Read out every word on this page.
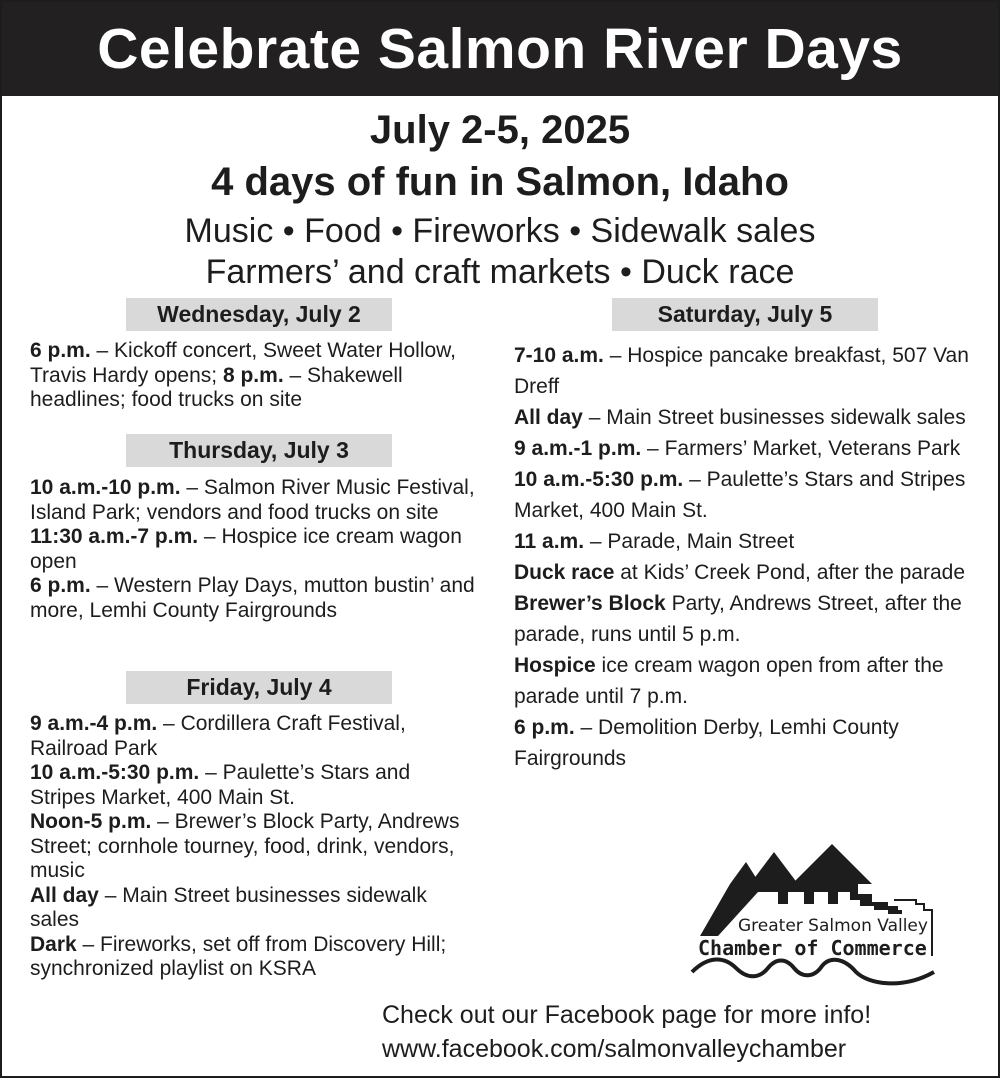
Celebrate Salmon River Days
July 2-5, 2025
4 days of fun in Salmon, Idaho
Music • Food • Fireworks • Sidewalk sales
Farmers’ and craft markets • Duck race
Wednesday, July 2

6 p.m. – Kickoff concert, Sweet Water Hollow, Travis Hardy opens; 8 p.m. – Shakewell headlines; food trucks on site

Thursday, July 3

10 a.m.-10 p.m. – Salmon River Music Festival, Island Park; vendors and food trucks on site

11:30 a.m.-7 p.m. – Hospice ice cream wagon open

6 p.m. – Western Play Days, mutton bustin’ and more, Lemhi County Fairgrounds

Friday, July 4

9 a.m.-4 p.m. – Cordillera Craft Festival, Railroad Park

10 a.m.-5:30 p.m. – Paulette’s Stars and Stripes Market, 400 Main St.

Noon-5 p.m. – Brewer’s Block Party, Andrews Street; cornhole tourney, food, drink, vendors, music

All day – Main Street businesses sidewalk sales

Dark – Fireworks, set off from Discovery Hill; synchronized playlist on KSRA

Saturday, July 5

7-10 a.m. – Hospice pancake breakfast, 507 Van Dreff

All day – Main Street businesses sidewalk sales

9 a.m.-1 p.m. – Farmers’ Market, Veterans Park

10 a.m.-5:30 p.m. – Paulette’s Stars and Stripes Market, 400 Main St.

11 a.m. – Parade, Main Street

Duck race at Kids’ Creek Pond, after the parade

Brewer’s Block Party, Andrews Street, after the parade, runs until 5 p.m.

Hospice ice cream wagon open from after the parade until 7 p.m.

6 p.m. – Demolition Derby, Lemhi County Fairgrounds

Greater Salmon Valley
Chamber of Commerce
Check out our Facebook page for more info!
www.facebook.com/salmonvalleychamber
